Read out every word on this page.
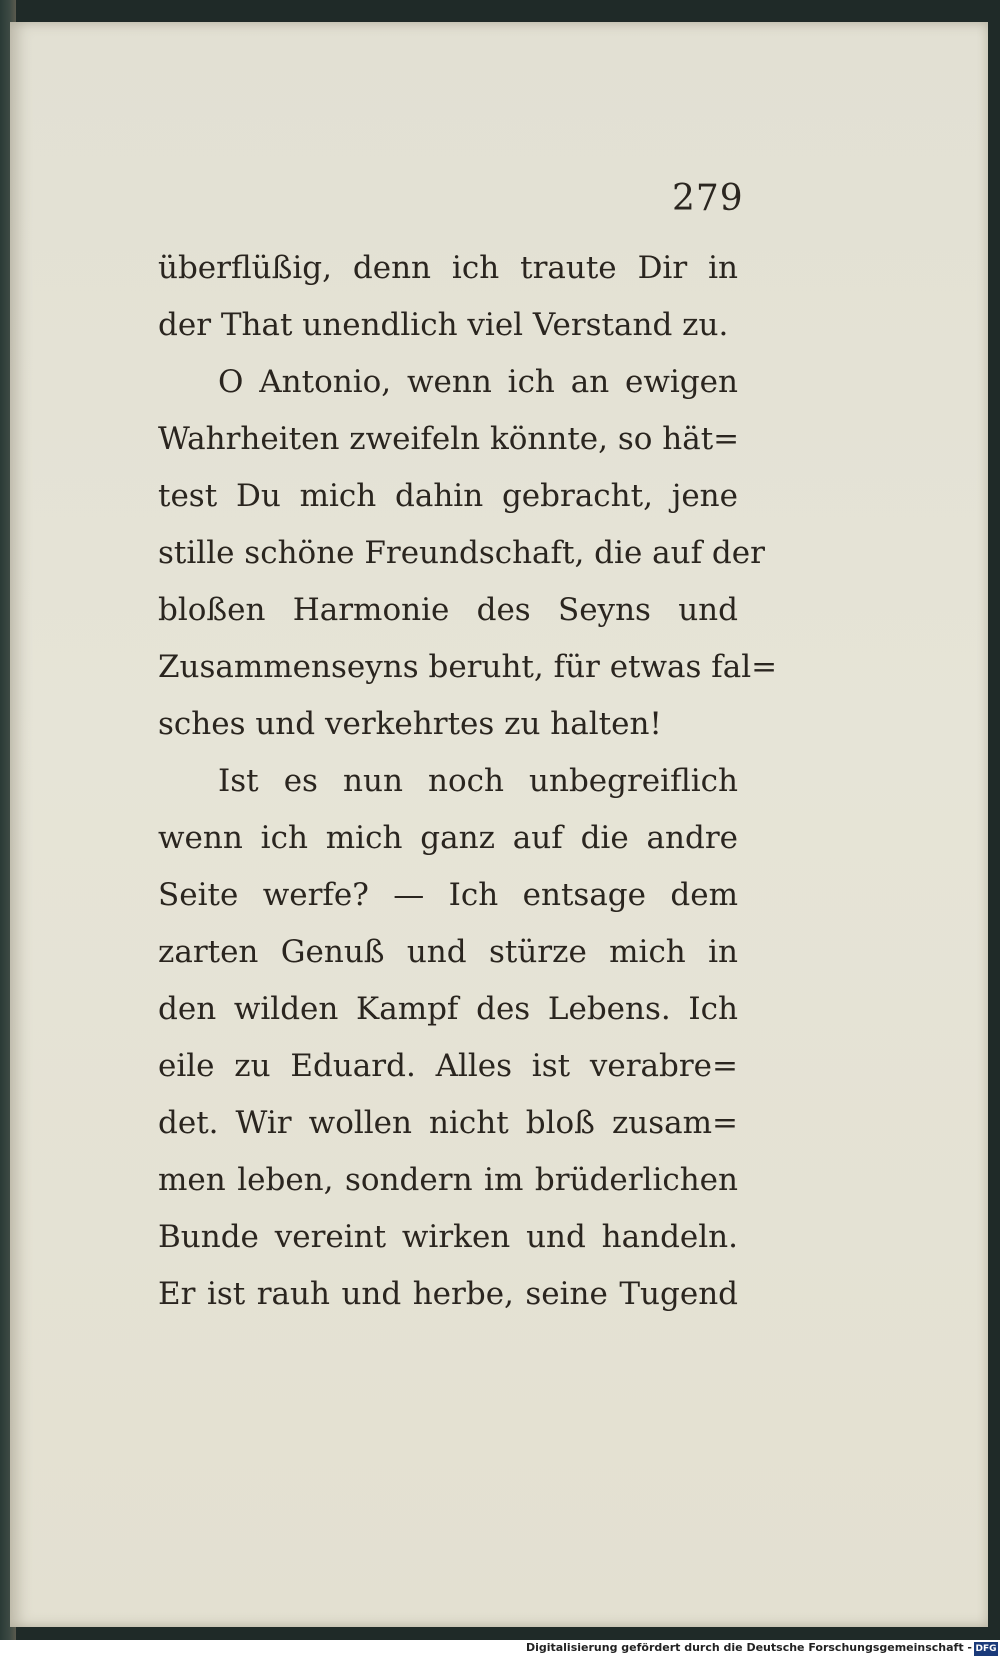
279
überflüßig, denn ich traute Dir in
der That unendlich viel Verstand zu.
O Antonio, wenn ich an ewigen
Wahrheiten zweifeln könnte, so hät=
test Du mich dahin gebracht, jene
stille schöne Freundschaft, die auf der
bloßen Harmonie des Seyns und
Zusammenseyns beruht, für etwas fal=
sches und verkehrtes zu halten!
Ist es nun noch unbegreiflich
wenn ich mich ganz auf die andre
Seite werfe? — Ich entsage dem
zarten Genuß und stürze mich in
den wilden Kampf des Lebens. Ich
eile zu Eduard. Alles ist verabre=
det. Wir wollen nicht bloß zusam=
men leben, sondern im brüderlichen
Bunde vereint wirken und handeln.
Er ist rauh und herbe, seine Tugend
Digitalisierung gefördert durch die Deutsche Forschungsgemeinschaft - DFG
